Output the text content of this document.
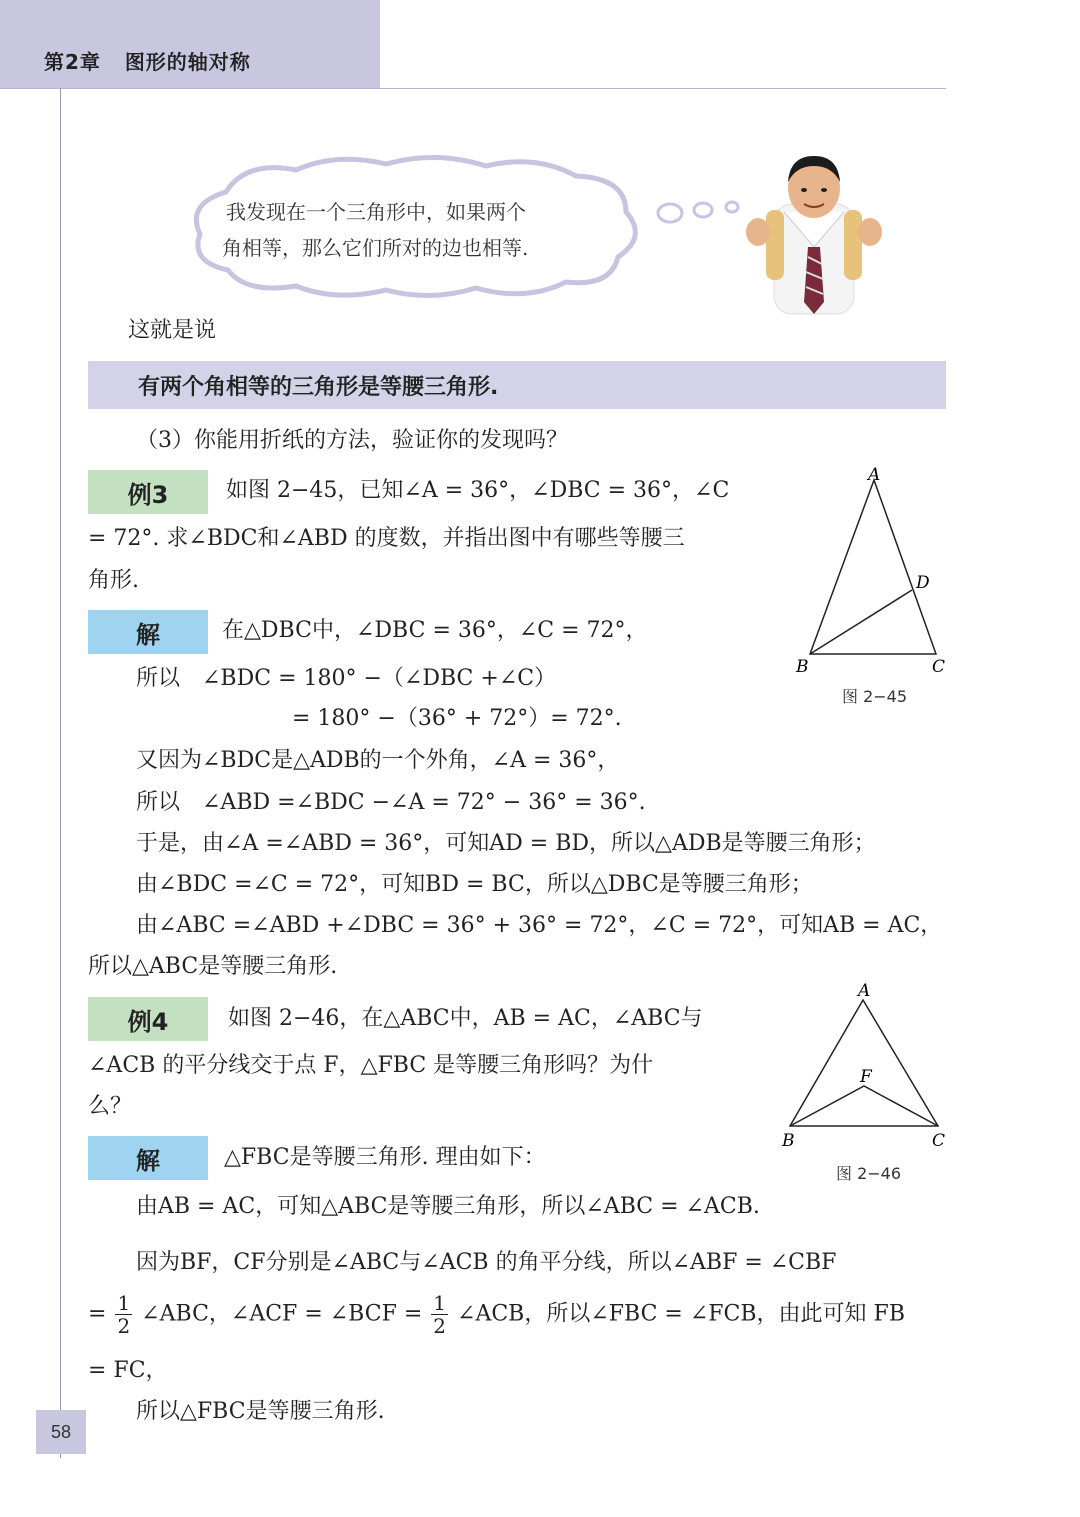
第2章 图形的轴对称
我发现在一个三角形中，如果两个
角相等，那么它们所对的边也相等.
这就是说
有两个角相等的三角形是等腰三角形.
（3）你能用折纸的方法，验证你的发现吗？
例3	如图 2−45，已知∠A = 36°，∠DBC = 36°，∠C
= 72°. 求∠BDC和∠ABD 的度数，并指出图中有哪些等腰三
角形.
A
B	C
D
图 2−45
解	在△DBC中，∠DBC = 36°，∠C = 72°，
所以　∠BDC = 180° −（∠DBC +∠C）
= 180° −（36° + 72°）= 72°.
又因为∠BDC是△ADB的一个外角，∠A = 36°，
所以　∠ABD =∠BDC −∠A = 72° − 36° = 36°.
于是，由∠A =∠ABD = 36°，可知AD = BD，所以△ADB是等腰三角形；
由∠BDC =∠C = 72°，可知BD = BC，所以△DBC是等腰三角形；
由∠ABC =∠ABD +∠DBC = 36° + 36° = 72°，∠C = 72°，可知AB = AC，
所以△ABC是等腰三角形.
例4	如图 2−46，在△ABC中，AB = AC，∠ABC与
∠ACB 的平分线交于点 F，△FBC 是等腰三角形吗？为什
么？
A
B	C
F
图 2−46
解	△FBC是等腰三角形. 理由如下：
由AB = AC，可知△ABC是等腰三角形，所以∠ABC = ∠ACB.
因为BF，CF分别是∠ABC与∠ACB 的角平分线，所以∠ABF = ∠CBF
= $\frac{1}{2}$ ∠ABC，∠ACF = ∠BCF = $\frac{1}{2}$ ∠ACB，所以∠FBC = ∠FCB，由此可知 FB
= FC，
所以△FBC是等腰三角形.
58
